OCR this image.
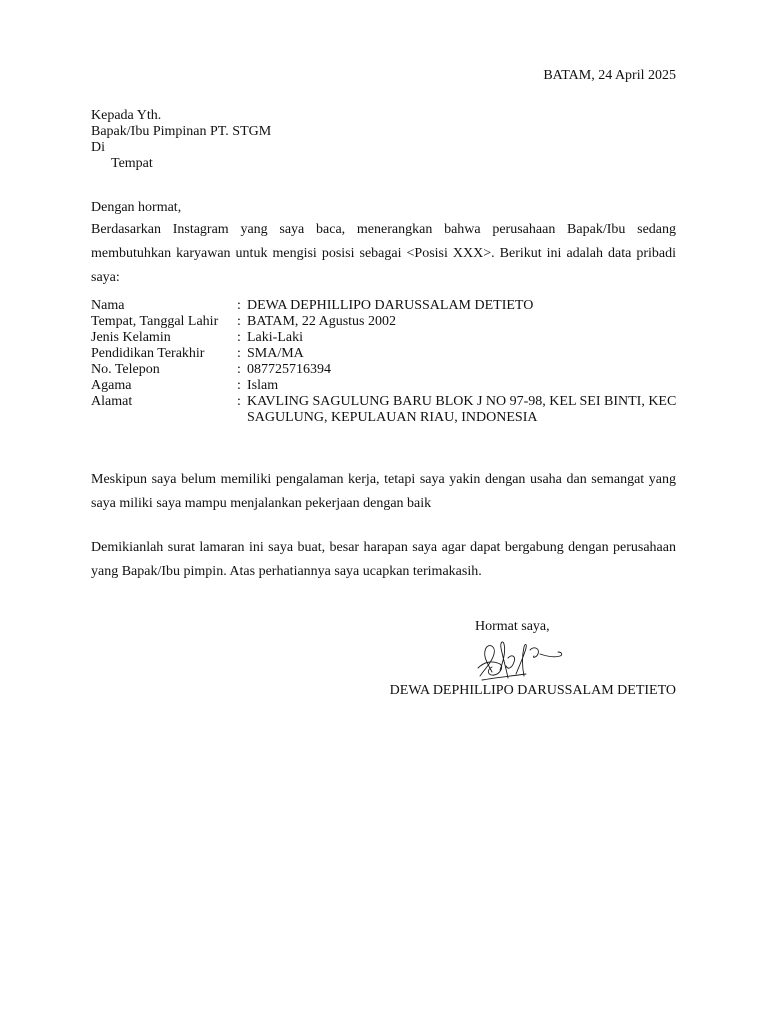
BATAM, 24 April 2025
Kepada Yth.
Bapak/Ibu Pimpinan PT. STGM
Di
Tempat
Dengan hormat,
Berdasarkan Instagram yang saya baca, menerangkan bahwa perusahaan Bapak/Ibu sedang membutuhkan karyawan untuk mengisi posisi sebagai <Posisi XXX>. Berikut ini adalah data pribadi saya:
Nama	:	DEWA DEPHILLIPO DARUSSALAM DETIETO
Tempat, Tanggal Lahir	:	BATAM, 22 Agustus 2002
Jenis Kelamin	:	Laki-Laki
Pendidikan Terakhir	:	SMA/MA
No. Telepon	:	087725716394
Agama	:	Islam
Alamat	:	KAVLING SAGULUNG BARU BLOK J NO 97-98, KEL SEI BINTI, KEC SAGULUNG, KEPULAUAN RIAU, INDONESIA
Meskipun saya belum memiliki pengalaman kerja, tetapi saya yakin dengan usaha dan semangat yang saya miliki saya mampu menjalankan pekerjaan dengan baik
Demikianlah surat lamaran ini saya buat, besar harapan saya agar dapat bergabung dengan perusahaan yang Bapak/Ibu pimpin. Atas perhatiannya saya ucapkan terimakasih.
Hormat saya,
DEWA DEPHILLIPO DARUSSALAM DETIETO
